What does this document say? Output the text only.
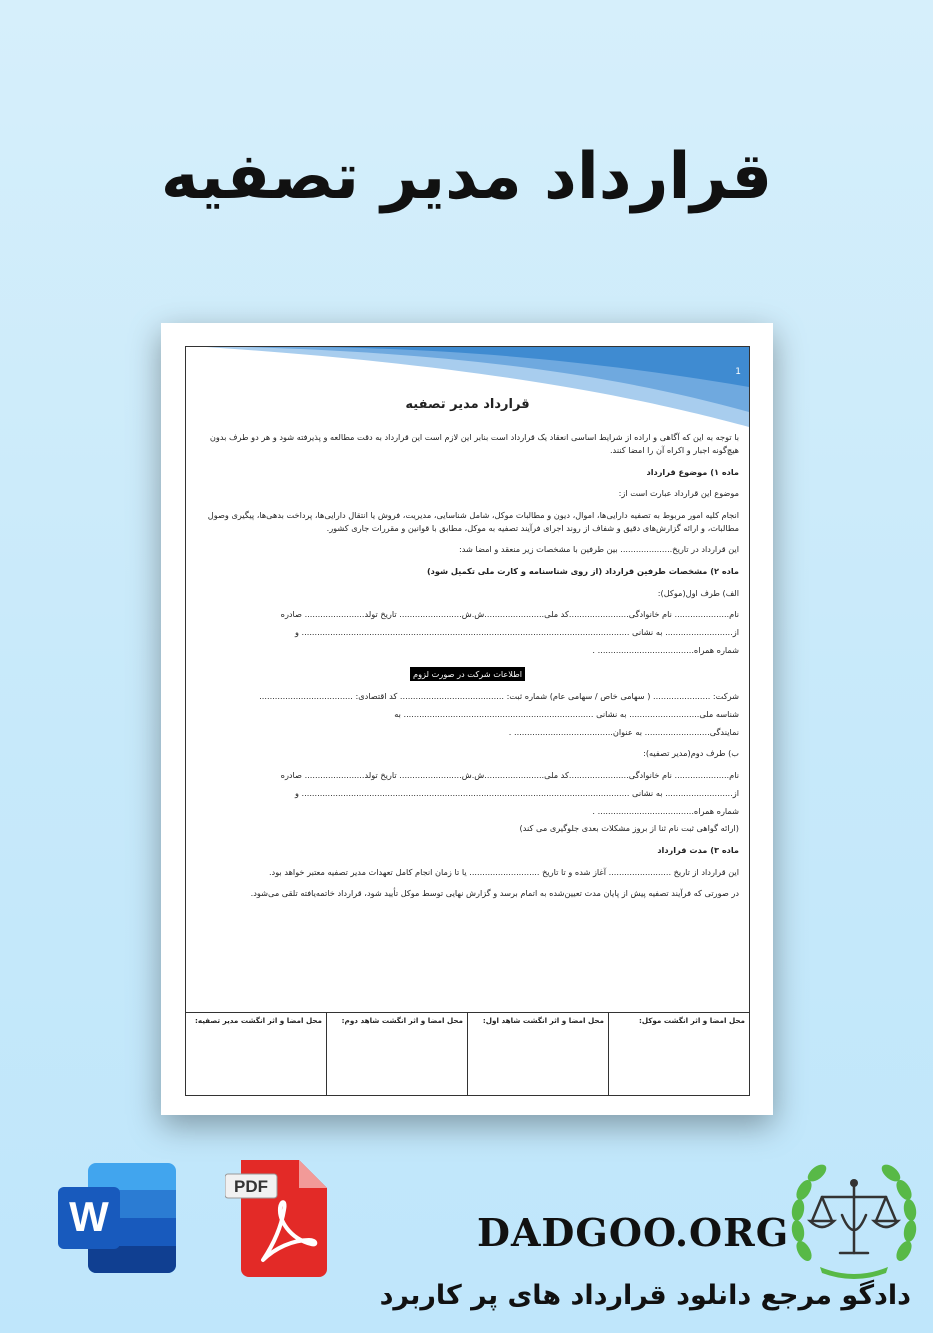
قرارداد مدیر تصفیه
1
قرارداد مدیر تصفیه

با توجه به این که آگاهی و اراده از شرایط اساسی انعقاد یک قرارداد است بنابر این لازم است این قرارداد به دقت مطالعه و پذیرفته شود و هر دو طرف بدون هیچ‌گونه اجبار و اکراه آن را امضا کنند.

ماده ۱) موضوع قرارداد

موضوع این قرارداد عبارت است از:

انجام کلیه امور مربوط به تصفیه دارایی‌ها، اموال، دیون و مطالبات موکل، شامل شناسایی، مدیریت، فروش یا انتقال دارایی‌ها، پرداخت بدهی‌ها، پیگیری وصول مطالبات، و ارائه گزارش‌های دقیق و شفاف از روند اجرای فرآیند تصفیه به موکل، مطابق با قوانین و مقررات جاری کشور.

این قرارداد در تاریخ.................... بین طرفین با مشخصات زیر منعقد و امضا شد:

ماده ۲) مشخصات طرفین قرارداد (از روی شناسنامه و کارت ملی تکمیل شود)

الف) طرف اول(موکل):

نام..................... نام خانوادگی.......................کد ملی.......................ش.ش........................ تاریخ تولد....................... صادره

از.......................... به نشانی .............................................................................................................................. و

شماره همراه..................................... .

اطلاعات شرکت در صورت لزوم

شرکت: ...................... ( سهامی خاص / سهامی عام) شماره ثبت: ........................................ کد اقتصادی: ....................................

شناسه ملی........................... به نشانی ......................................................................... به

نمایندگی......................... به عنوان...................................... .

ب) طرف دوم(مدیر تصفیه):

نام..................... نام خانوادگی.......................کد ملی.......................ش.ش........................ تاریخ تولد....................... صادره

از.......................... به نشانی .............................................................................................................................. و

شماره همراه..................................... .

(ارائه گواهی ثبت نام ثنا از بروز مشکلات بعدی جلوگیری می کند)

ماده ۳) مدت قرارداد

این قرارداد از تاریخ ........................ آغاز شده و تا تاریخ ........................... یا تا زمان انجام کامل تعهدات مدیر تصفیه معتبر خواهد بود.

در صورتی که فرآیند تصفیه پیش از پایان مدت تعیین‌شده به اتمام برسد و گزارش نهایی توسط موکل تأیید شود، قرارداد خاتمه‌یافته تلقی می‌شود.

محل امضا و اثر انگشت موکل:
محل امضا و اثر انگشت شاهد اول:
محل امضا و اثر انگشت شاهد دوم:
محل امضا و اثر انگشت مدیر تصفیه:
W
PDF
DADGOO.ORG
دادگو مرجع دانلود قرارداد های پر کاربرد
